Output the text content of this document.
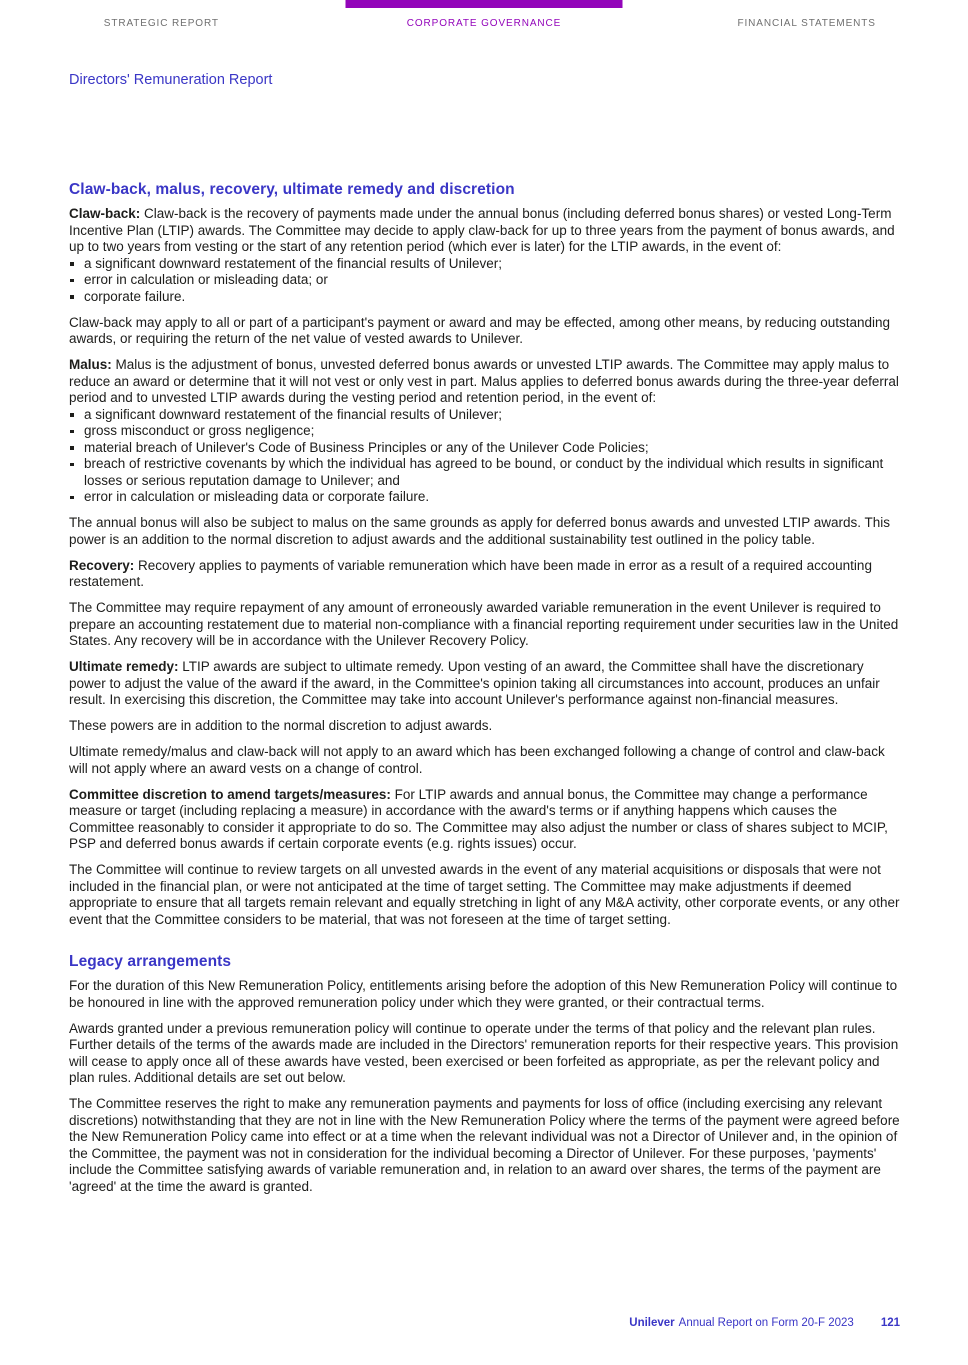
STRATEGIC REPORT	CORPORATE GOVERNANCE	FINANCIAL STATEMENTS
Directors' Remuneration Report
Claw-back, malus, recovery, ultimate remedy and discretion

Claw-back: Claw-back is the recovery of payments made under the annual bonus (including deferred bonus shares) or vested Long-Term Incentive Plan (LTIP) awards. The Committee may decide to apply claw-back for up to three years from the payment of bonus awards, and up to two years from vesting or the start of any retention period (which ever is later) for the LTIP awards, in the event of:

a significant downward restatement of the financial results of Unilever;
error in calculation or misleading data; or
corporate failure.

Claw-back may apply to all or part of a participant's payment or award and may be effected, among other means, by reducing outstanding awards, or requiring the return of the net value of vested awards to Unilever.

Malus: Malus is the adjustment of bonus, unvested deferred bonus awards or unvested LTIP awards. The Committee may apply malus to reduce an award or determine that it will not vest or only vest in part. Malus applies to deferred bonus awards during the three-year deferral period and to unvested LTIP awards during the vesting period and retention period, in the event of:

a significant downward restatement of the financial results of Unilever;
gross misconduct or gross negligence;
material breach of Unilever's Code of Business Principles or any of the Unilever Code Policies;
breach of restrictive covenants by which the individual has agreed to be bound, or conduct by the individual which results in significant losses or serious reputation damage to Unilever; and
error in calculation or misleading data or corporate failure.

The annual bonus will also be subject to malus on the same grounds as apply for deferred bonus awards and unvested LTIP awards. This power is an addition to the normal discretion to adjust awards and the additional sustainability test outlined in the policy table.

Recovery: Recovery applies to payments of variable remuneration which have been made in error as a result of a required accounting restatement.

The Committee may require repayment of any amount of erroneously awarded variable remuneration in the event Unilever is required to prepare an accounting restatement due to material non-compliance with a financial reporting requirement under securities law in the United States. Any recovery will be in accordance with the Unilever Recovery Policy.

Ultimate remedy: LTIP awards are subject to ultimate remedy. Upon vesting of an award, the Committee shall have the discretionary power to adjust the value of the award if the award, in the Committee's opinion taking all circumstances into account, produces an unfair result. In exercising this discretion, the Committee may take into account Unilever's performance against non-financial measures.

These powers are in addition to the normal discretion to adjust awards.

Ultimate remedy/malus and claw-back will not apply to an award which has been exchanged following a change of control and claw-back will not apply where an award vests on a change of control.

Committee discretion to amend targets/measures: For LTIP awards and annual bonus, the Committee may change a performance measure or target (including replacing a measure) in accordance with the award's terms or if anything happens which causes the Committee reasonably to consider it appropriate to do so. The Committee may also adjust the number or class of shares subject to MCIP, PSP and deferred bonus awards if certain corporate events (e.g. rights issues) occur.

The Committee will continue to review targets on all unvested awards in the event of any material acquisitions or disposals that were not included in the financial plan, or were not anticipated at the time of target setting. The Committee may make adjustments if deemed appropriate to ensure that all targets remain relevant and equally stretching in light of any M&A activity, other corporate events, or any other event that the Committee considers to be material, that was not foreseen at the time of target setting.

Legacy arrangements

For the duration of this New Remuneration Policy, entitlements arising before the adoption of this New Remuneration Policy will continue to be honoured in line with the approved remuneration policy under which they were granted, or their contractual terms.

Awards granted under a previous remuneration policy will continue to operate under the terms of that policy and the relevant plan rules. Further details of the terms of the awards made are included in the Directors' remuneration reports for their respective years. This provision will cease to apply once all of these awards have vested, been exercised or been forfeited as appropriate, as per the relevant policy and plan rules. Additional details are set out below.

The Committee reserves the right to make any remuneration payments and payments for loss of office (including exercising any relevant discretions) notwithstanding that they are not in line with the New Remuneration Policy where the terms of the payment were agreed before the New Remuneration Policy came into effect or at a time when the relevant individual was not a Director of Unilever and, in the opinion of the Committee, the payment was not in consideration for the individual becoming a Director of Unilever. For these purposes, 'payments' include the Committee satisfying awards of variable remuneration and, in relation to an award over shares, the terms of the payment are 'agreed' at the time the award is granted.

Unilever Annual Report on Form 20-F 2023 121
